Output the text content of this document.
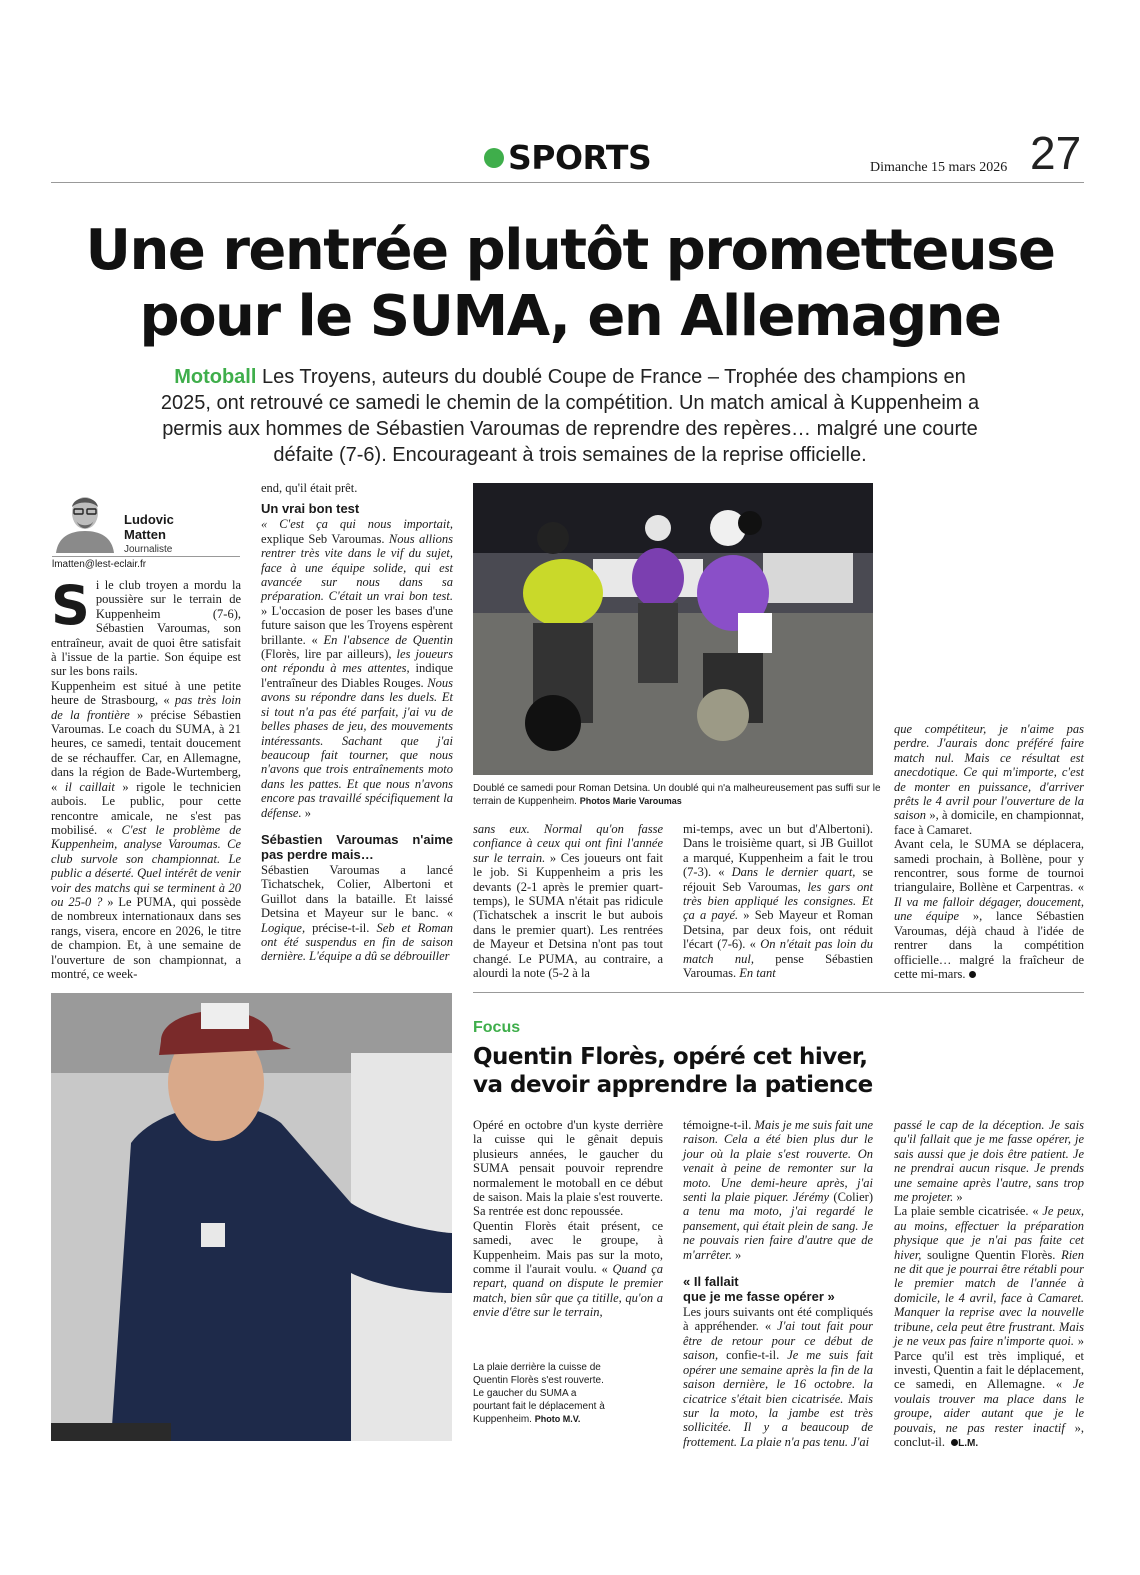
SPORTS	Dimanche 15 mars 2026 27
Une rentrée plutôt prometteuse
pour le SUMA, en Allemagne
Motoball Les Troyens, auteurs du doublé Coupe de France – Trophée des champions en 2025, ont retrouvé ce samedi le chemin de la compétition. Un match amical à Kuppenheim a permis aux hommes de Sébastien Varoumas de reprendre des repères… malgré une courte défaite (7-6). Encourageant à trois semaines de la reprise officielle.
Ludovic
Matten
Journaliste
lmatten@lest-eclair.fr

Si le club troyen a mordu la poussière sur le terrain de Kuppenheim (7-6), Sébastien Varoumas, son entraîneur, avait de quoi être satisfait à l'issue de la partie. Son équipe est sur les bons rails.

Kuppenheim est situé à une petite heure de Strasbourg, « pas très loin de la frontière » précise Sébastien Varoumas. Le coach du SUMA, à 21 heures, ce samedi, tentait doucement de se réchauffer. Car, en Allemagne, dans la région de Bade-Wurtemberg, « il caillait » rigole le technicien aubois. Le public, pour cette rencontre amicale, ne s'est pas mobilisé. « C'est le problème de Kuppenheim, analyse Varoumas. Ce club survole son championnat. Le public a déserté. Quel intérêt de venir voir des matchs qui se terminent à 20 ou 25-0 ? » Le PUMA, qui possède de nombreux internationaux dans ses rangs, visera, encore en 2026, le titre de champion. Et, à une semaine de l'ouverture de son championnat, a montré, ce week-

end, qu'il était prêt.

Un vrai bon test

« C'est ça qui nous importait, explique Seb Varoumas. Nous allions rentrer très vite dans le vif du sujet, face à une équipe solide, qui est avancée sur nous dans sa préparation. C'était un vrai bon test. » L'occasion de poser les bases d'une future saison que les Troyens espèrent brillante. « En l'absence de Quentin (Florès, lire par ailleurs), les joueurs ont répondu à mes attentes, indique l'entraîneur des Diables Rouges. Nous avons su répondre dans les duels. Et si tout n'a pas été parfait, j'ai vu de belles phases de jeu, des mouvements intéressants. Sachant que j'ai beaucoup fait tourner, que nous n'avons que trois entraînements moto dans les pattes. Et que nous n'avons encore pas travaillé spécifiquement la défense. »

Sébastien Varoumas n'aime pas perdre mais…

Sébastien Varoumas a lancé Tichatschek, Colier, Albertoni et Guillot dans la bataille. Et laissé Detsina et Mayeur sur le banc. « Logique, précise-t-il. Seb et Roman ont été suspendus en fin de saison dernière. L'équipe a dû se débrouiller

Doublé ce samedi pour Roman Detsina. Un doublé qui n'a malheureusement pas suffi sur le terrain de Kuppenheim. Photos Marie Varoumas

sans eux. Normal qu'on fasse confiance à ceux qui ont fini l'année sur le terrain. » Ces joueurs ont fait le job. Si Kuppenheim a pris les devants (2-1 après le premier quart-temps), le SUMA n'était pas ridicule (Tichatschek a inscrit le but aubois dans le premier quart). Les rentrées de Mayeur et Detsina n'ont pas tout changé. Le PUMA, au contraire, a alourdi la note (5-2 à la

mi-temps, avec un but d'Albertoni). Dans le troisième quart, si JB Guillot a marqué, Kuppenheim a fait le trou (7-3). « Dans le dernier quart, se réjouit Seb Varoumas, les gars ont très bien appliqué les consignes. Et ça a payé. » Seb Mayeur et Roman Detsina, par deux fois, ont réduit l'écart (7-6). « On n'était pas loin du match nul, pense Sébastien Varoumas. En tant

que compétiteur, je n'aime pas perdre. J'aurais donc préféré faire match nul. Mais ce résultat est anecdotique. Ce qui m'importe, c'est de monter en puissance, d'arriver prêts le 4 avril pour l'ouverture de la saison », à domicile, en championnat, face à Camaret.

Avant cela, le SUMA se déplacera, samedi prochain, à Bollène, pour y rencontrer, sous forme de tournoi triangulaire, Bollène et Carpentras. « Il va me falloir dégager, doucement, une équipe », lance Sébastien Varoumas, déjà chaud à l'idée de rentrer dans la compétition officielle… malgré la fraîcheur de cette mi-mars.

La plaie derrière la cuisse de Quentin Florès s'est rouverte. Le gaucher du SUMA a pourtant fait le déplacement à Kuppenheim. Photo M.V.
Focus
Quentin Florès, opéré cet hiver,
va devoir apprendre la patience

Opéré en octobre d'un kyste derrière la cuisse qui le gênait depuis plusieurs années, le gaucher du SUMA pensait pouvoir reprendre normalement le motoball en ce début de saison. Mais la plaie s'est rouverte. Sa rentrée est donc repoussée.

Quentin Florès était présent, ce samedi, avec le groupe, à Kuppenheim. Mais pas sur la moto, comme il l'aurait voulu. « Quand ça repart, quand on dispute le premier match, bien sûr que ça titille, qu'on a envie d'être sur le terrain,

témoigne-t-il. Mais je me suis fait une raison. Cela a été bien plus dur le jour où la plaie s'est rouverte. On venait à peine de remonter sur la moto. Une demi-heure après, j'ai senti la plaie piquer. Jérémy (Colier) a tenu ma moto, j'ai regardé le pansement, qui était plein de sang. Je ne pouvais rien faire d'autre que de m'arrêter. »

« Il fallait
que je me fasse opérer »

Les jours suivants ont été compliqués à appréhender. « J'ai tout fait pour être de retour pour ce début de saison, confie-t-il. Je me suis fait opérer une semaine après la fin de la saison dernière, le 16 octobre. la cicatrice s'était bien cicatrisée. Mais sur la moto, la jambe est très sollicitée. Il y a beaucoup de frottement. La plaie n'a pas tenu. J'ai

passé le cap de la déception. Je sais qu'il fallait que je me fasse opérer, je sais aussi que je dois être patient. Je ne prendrai aucun risque. Je prends une semaine après l'autre, sans trop me projeter. »

La plaie semble cicatrisée. « Je peux, au moins, effectuer la préparation physique que je n'ai pas faite cet hiver, souligne Quentin Florès. Rien ne dit que je pourrai être rétabli pour le premier match de l'année à domicile, le 4 avril, face à Camaret. Manquer la reprise avec la nouvelle tribune, cela peut être frustrant. Mais je ne veux pas faire n'importe quoi. » Parce qu'il est très impliqué, et investi, Quentin a fait le déplacement, ce samedi, en Allemagne. « Je voulais trouver ma place dans le groupe, aider autant que je le pouvais, ne pas rester inactif », conclut-il. L.M.
